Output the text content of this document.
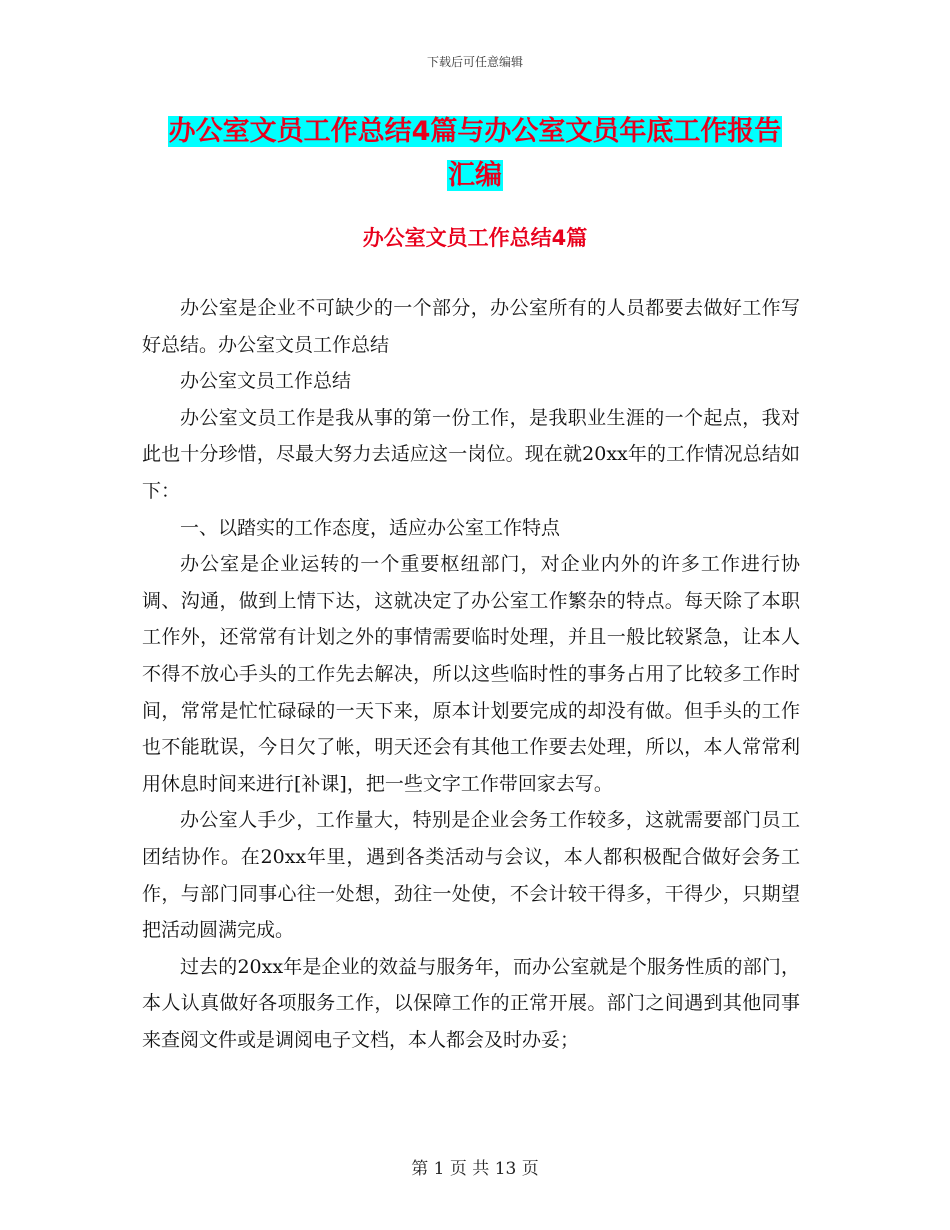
下载后可任意编辑
办公室文员工作总结4篇与办公室文员年底工作报告
汇编
办公室文员工作总结4篇

办公室是企业不可缺少的一个部分，办公室所有的人员都要去做好工作写好总结。办公室文员工作总结

办公室文员工作总结

办公室文员工作是我从事的第一份工作，是我职业生涯的一个起点，我对此也十分珍惜，尽最大努力去适应这一岗位。现在就20xx年的工作情况总结如下：

一、以踏实的工作态度，适应办公室工作特点

办公室是企业运转的一个重要枢纽部门，对企业内外的许多工作进行协调、沟通，做到上情下达，这就决定了办公室工作繁杂的特点。每天除了本职工作外，还常常有计划之外的事情需要临时处理，并且一般比较紧急，让本人不得不放心手头的工作先去解决，所以这些临时性的事务占用了比较多工作时间，常常是忙忙碌碌的一天下来，原本计划要完成的却没有做。但手头的工作也不能耽误，今日欠了帐，明天还会有其他工作要去处理，所以，本人常常利用休息时间来进行[补课]，把一些文字工作带回家去写。

办公室人手少，工作量大，特别是企业会务工作较多，这就需要部门员工团结协作。在20xx年里，遇到各类活动与会议，本人都积极配合做好会务工作，与部门同事心往一处想，劲往一处使，不会计较干得多，干得少，只期望把活动圆满完成。

过去的20xx年是企业的效益与服务年，而办公室就是个服务性质的部门，本人认真做好各项服务工作，以保障工作的正常开展。部门之间遇到其他同事来查阅文件或是调阅电子文档，本人都会及时办妥；

第 1 页 共 13 页
